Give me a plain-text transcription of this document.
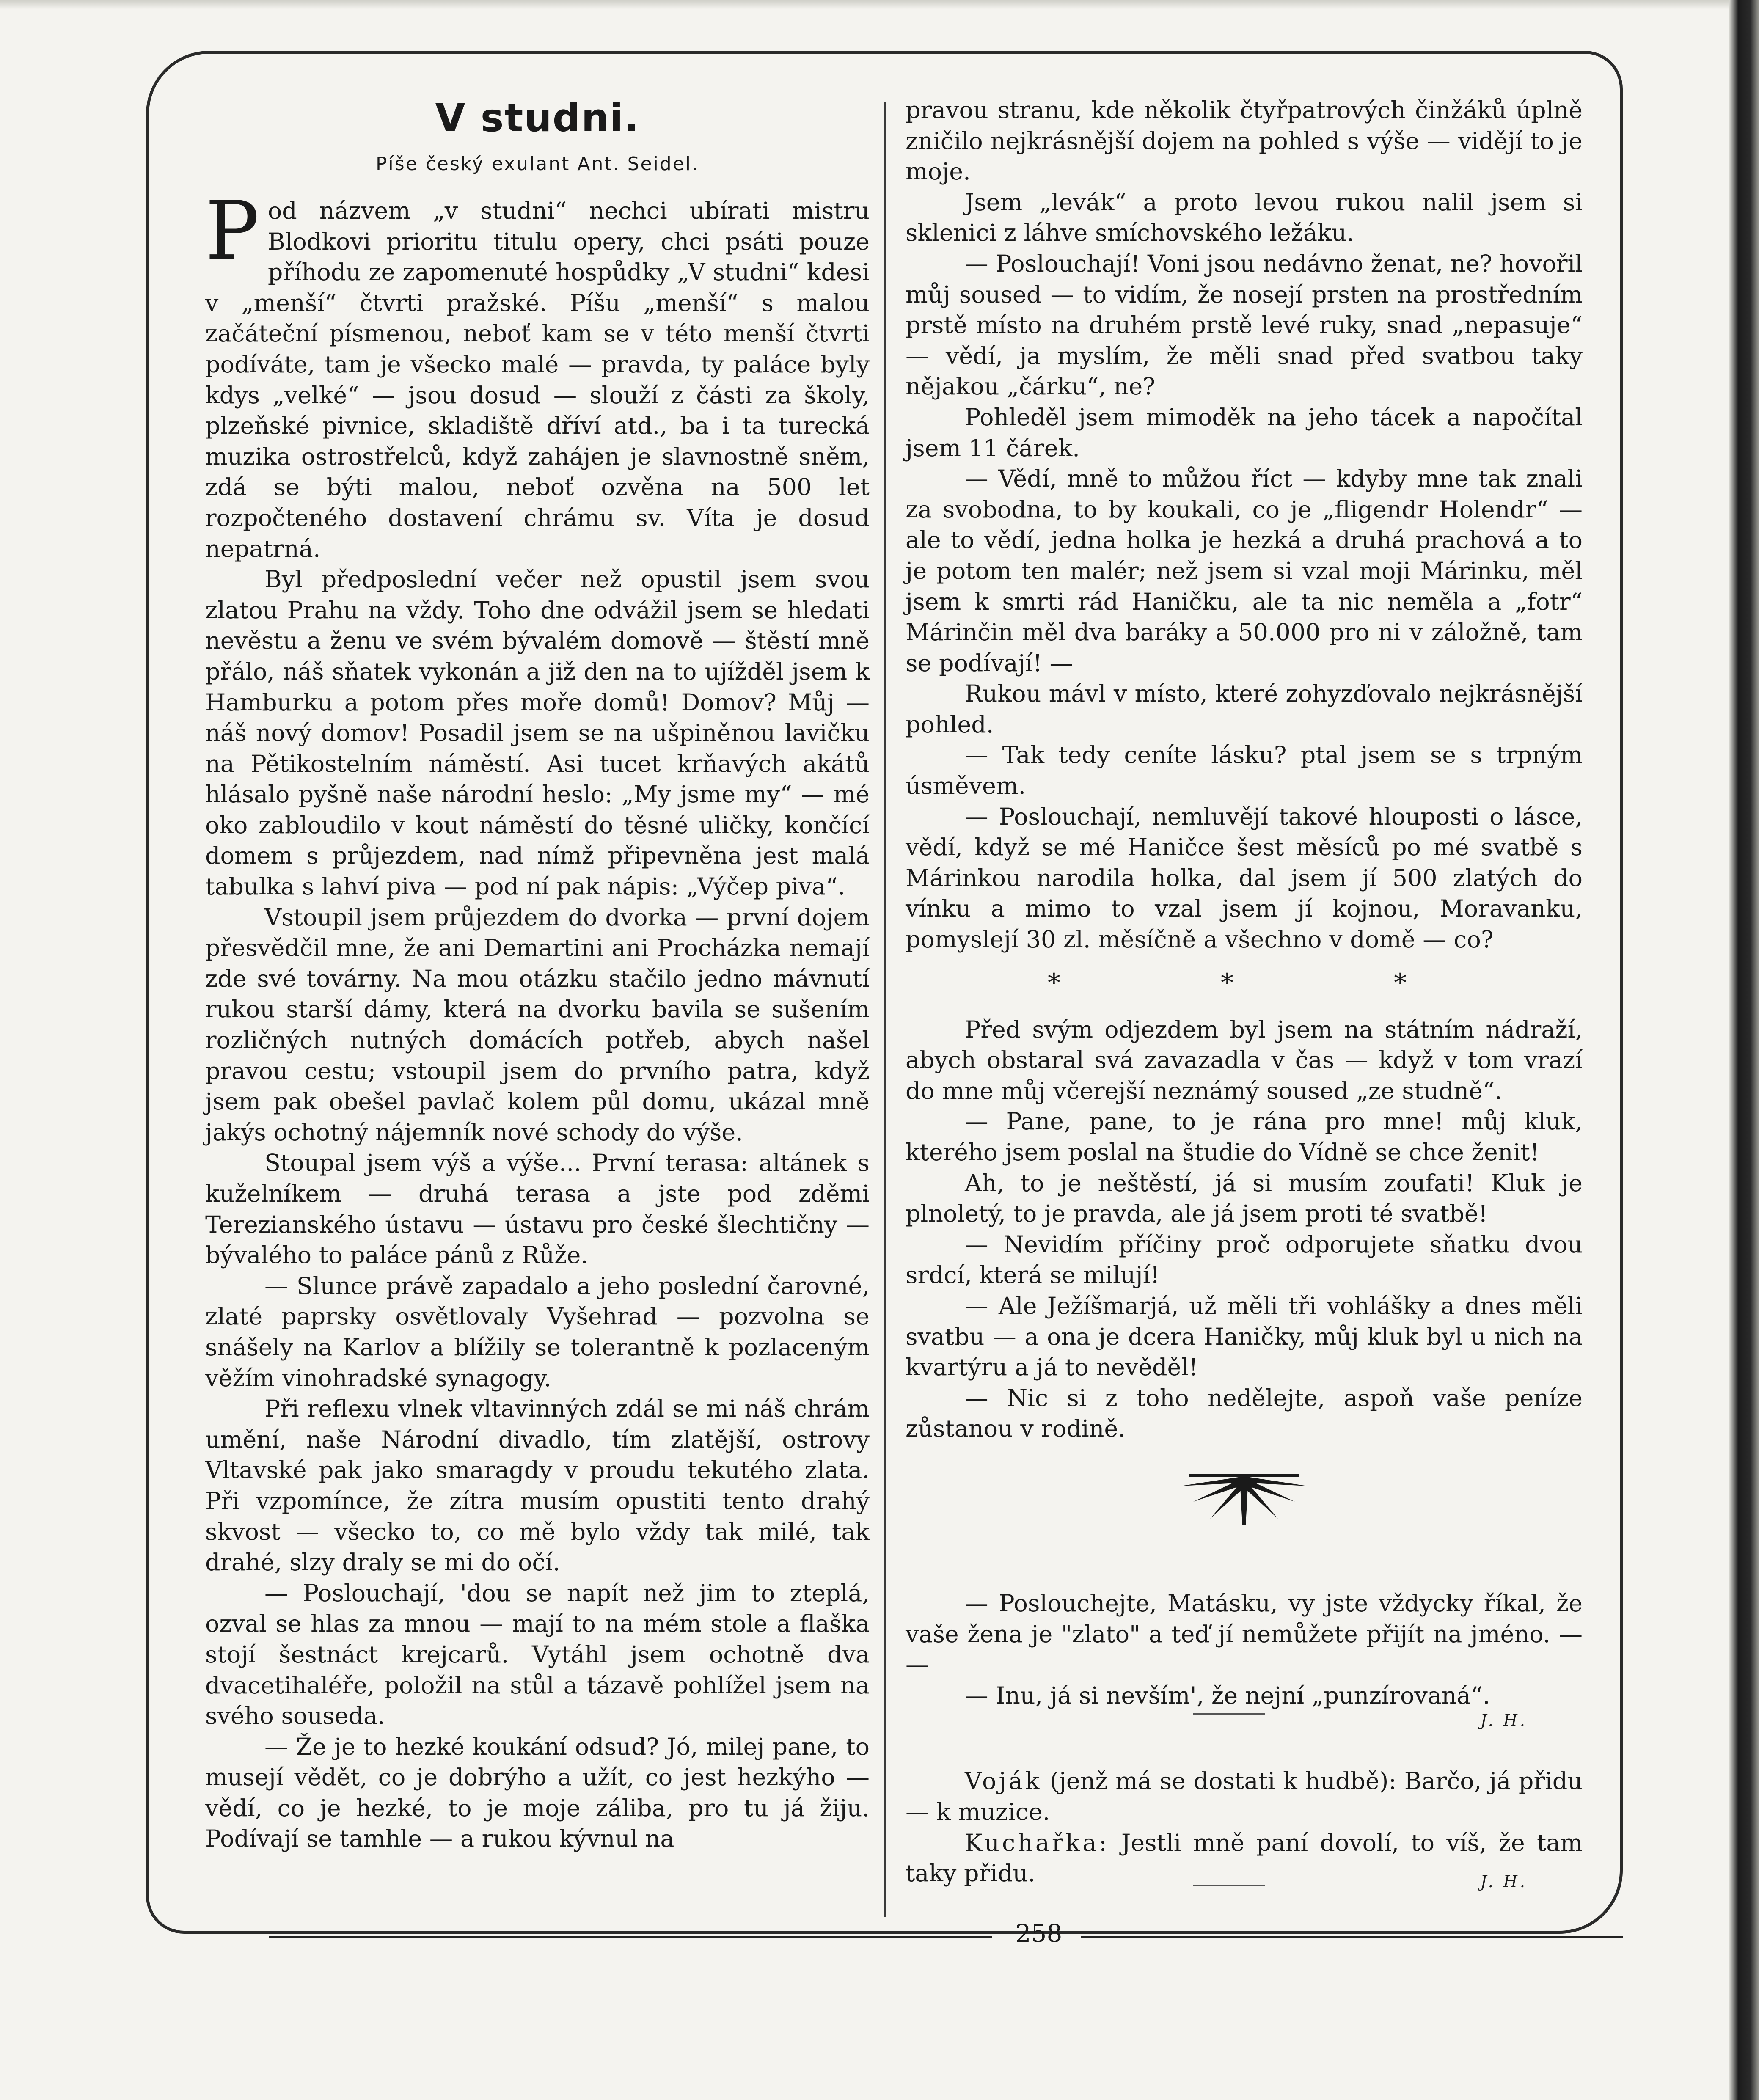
V studni.
Píše český exulant Ant. Seidel.

Pod názvem „v studni“ nechci ubírati mistru Blodkovi prioritu titulu opery, chci psáti pouze příhodu ze zapomenuté hospůdky „V studni“ kdesi v „menší“ čtvrti pražské. Píšu „menší“ s malou začáteční písmenou, neboť kam se v této menší čtvrti podíváte, tam je všecko malé — pravda, ty paláce byly kdys „velké“ — jsou dosud — slouží z části za školy, plzeňské pivnice, skladiště dříví atd., ba i ta turecká muzika ostrostřelců, když zahájen je slavnostně sněm, zdá se býti malou, neboť ozvěna na 500 let rozpočteného dostavení chrámu sv. Víta je dosud nepatrná.

Byl předposlední večer než opustil jsem svou zlatou Prahu na vždy. Toho dne odvážil jsem se hledati nevěstu a ženu ve svém bývalém domově — štěstí mně přálo, náš sňatek vykonán a již den na to ujížděl jsem k Hamburku a potom přes moře domů! Domov? Můj — náš nový domov! Posadil jsem se na ušpiněnou lavičku na Pětikostelním náměstí. Asi tucet krňavých akátů hlásalo pyšně naše národní heslo: „My jsme my“ — mé oko zabloudilo v kout náměstí do těsné uličky, končící domem s průjezdem, nad nímž připevněna jest malá tabulka s lahví piva — pod ní pak nápis: „Výčep piva“.

Vstoupil jsem průjezdem do dvorka — první dojem přesvědčil mne, že ani Demartini ani Procházka nemají zde své továrny. Na mou otázku stačilo jedno mávnutí rukou starší dámy, která na dvorku bavila se sušením rozličných nutných domácích potřeb, abych našel pravou cestu; vstoupil jsem do prvního patra, když jsem pak obešel pavlač kolem půl domu, ukázal mně jakýs ochotný nájemník nové schody do výše.

Stoupal jsem výš a výše... První terasa: altánek s kuželníkem — druhá terasa a jste pod zděmi Terezianského ústavu — ústavu pro české šlechtičny — bývalého to paláce pánů z Růže.

— Slunce právě zapadalo a jeho poslední čarovné, zlaté paprsky osvětlovaly Vyšehrad — pozvolna se snášely na Karlov a blížily se tolerantně k pozlaceným věžím vinohradské synagogy.

Při reflexu vlnek vltavinných zdál se mi náš chrám umění, naše Národní divadlo, tím zlatější, ostrovy Vltavské pak jako smaragdy v proudu tekutého zlata. Při vzpomínce, že zítra musím opustiti tento drahý skvost — všecko to, co mě bylo vždy tak milé, tak drahé, slzy draly se mi do očí.

— Poslouchají, 'dou se napít než jim to zteplá, ozval se hlas za mnou — mají to na mém stole a flaška stojí šestnáct krejcarů. Vytáhl jsem ochotně dva dvacetihaléře, položil na stůl a tázavě pohlížel jsem na svého souseda.

— Že je to hezké koukání odsud? Jó, milej pane, to musejí vědět, co je dobrýho a užít, co jest hezkýho — vědí, co je hezké, to je moje záliba, pro tu já žiju. Podívají se tamhle — a rukou kývnul na

pravou stranu, kde několik čtyřpatrových činžáků úplně zničilo nejkrásnější dojem na pohled s výše — vidějí to je moje.

Jsem „levák“ a proto levou rukou nalil jsem si sklenici z láhve smíchovského ležáku.

— Poslouchají! Voni jsou nedávno ženat, ne? hovořil můj soused — to vidím, že nosejí prsten na prostředním prstě místo na druhém prstě levé ruky, snad „nepasuje“ — vědí, ja myslím, že měli snad před svatbou taky nějakou „čárku“, ne?

Pohleděl jsem mimoděk na jeho tácek a napočítal jsem 11 čárek.

— Vědí, mně to můžou říct — kdyby mne tak znali za svobodna, to by koukali, co je „fligendr Holendr“ — ale to vědí, jedna holka je hezká a druhá prachová a to je potom ten malér; než jsem si vzal moji Márinku, měl jsem k smrti rád Haničku, ale ta nic neměla a „fotr“ Márinčin měl dva baráky a 50.000 pro ni v záložně, tam se podívají! —

Rukou mávl v místo, které zohyzďovalo nejkrásnější pohled.

— Tak tedy ceníte lásku? ptal jsem se s trpným úsměvem.

— Poslouchají, nemluvějí takové hlouposti o lásce, vědí, když se mé Haničce šest měsíců po mé svatbě s Márinkou narodila holka, dal jsem jí 500 zlatých do vínku a mimo to vzal jsem jí kojnou, Moravanku, pomyslejí 30 zl. měsíčně a všechno v domě — co?

* * *

Před svým odjezdem byl jsem na státním nádraží, abych obstaral svá zavazadla v čas — když v tom vrazí do mne můj včerejší neznámý soused „ze studně“.

— Pane, pane, to je rána pro mne! můj kluk, kterého jsem poslal na študie do Vídně se chce ženit!

Ah, to je neštěstí, já si musím zoufati! Kluk je plnoletý, to je pravda, ale já jsem proti té svatbě!

— Nevidím příčiny proč odporujete sňatku dvou srdcí, která se milují!

— Ale Ježíšmarjá, už měli tři vohlášky a dnes měli svatbu — a ona je dcera Haničky, můj kluk byl u nich na kvartýru a já to nevěděl!

— Nic si z toho nedělejte, aspoň vaše peníze zůstanou v rodině.

— Poslouchejte, Matásku, vy jste vždycky říkal, že vaše žena je "zlato" a teď jí nemůžete přijít na jméno. — —

— Inu, já si nevším', že nejní „punzírovaná“.

J. H.

Voják (jenž má se dostati k hudbě): Barčo, já přidu — k muzice.

Kuchařka: Jestli mně paní dovolí, to víš, že tam taky přidu.	J. H.
258
